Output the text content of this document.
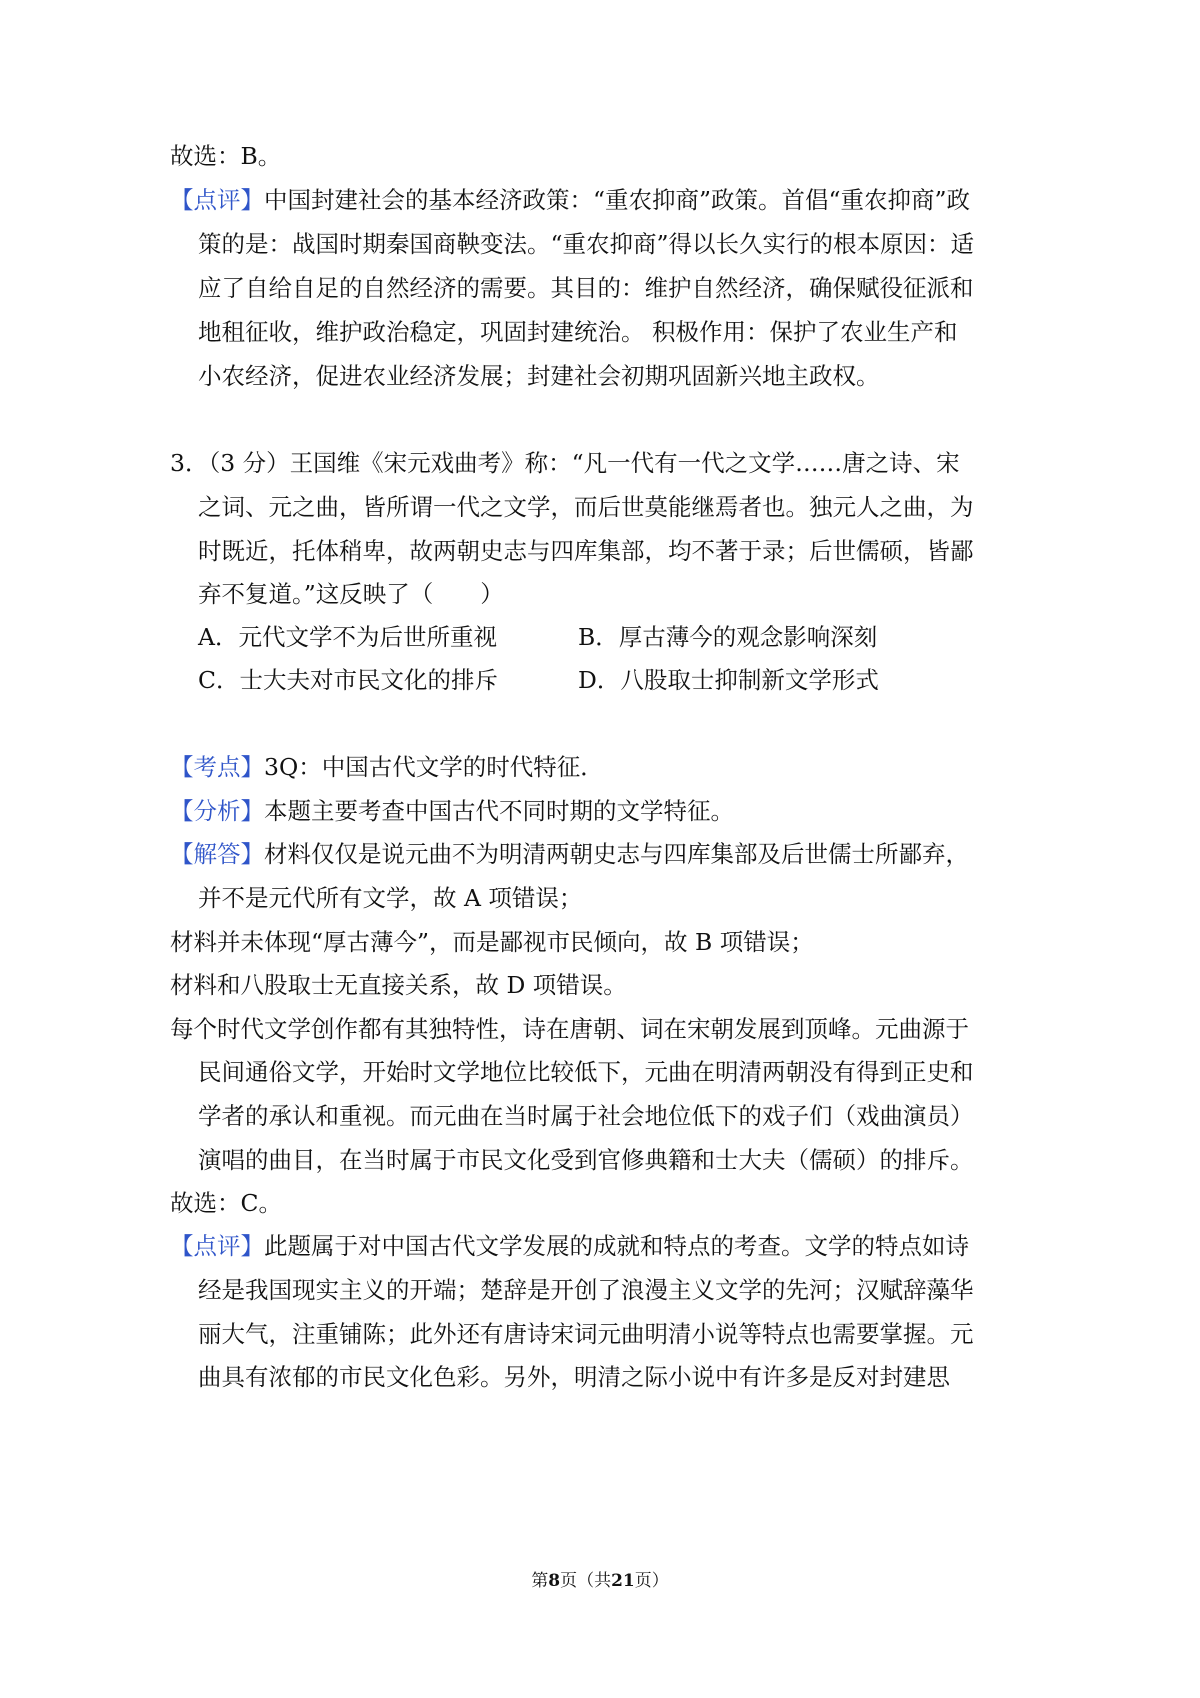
故选：B。
【点评】中国封建社会的基本经济政策：“重农抑商”政策。首倡“重农抑商”政
策的是：战国时期秦国商鞅变法。“重农抑商”得以长久实行的根本原因：适
应了自给自足的自然经济的需要。其目的：维护自然经济，确保赋役征派和
地租征收，维护政治稳定，巩固封建统治。 积极作用：保护了农业生产和
小农经济，促进农业经济发展；封建社会初期巩固新兴地主政权。
3．（3 分）王国维《宋元戏曲考》称：“凡一代有一代之文学……唐之诗、宋
之词、元之曲，皆所谓一代之文学，而后世莫能继焉者也。独元人之曲，为
时既近，托体稍卑，故两朝史志与四库集部，均不著于录；后世儒硕，皆鄙
弃不复道。”这反映了（　　）
A．元代文学不为后世所重视	B．厚古薄今的观念影响深刻
C．士大夫对市民文化的排斥	D．八股取士抑制新文学形式
【考点】3Q：中国古代文学的时代特征．
【分析】本题主要考查中国古代不同时期的文学特征。
【解答】材料仅仅是说元曲不为明清两朝史志与四库集部及后世儒士所鄙弃，
并不是元代所有文学，故 A 项错误；
材料并未体现“厚古薄今”，而是鄙视市民倾向，故 B 项错误；
材料和八股取士无直接关系，故 D 项错误。
每个时代文学创作都有其独特性，诗在唐朝、词在宋朝发展到顶峰。元曲源于
民间通俗文学，开始时文学地位比较低下，元曲在明清两朝没有得到正史和
学者的承认和重视。而元曲在当时属于社会地位低下的戏子们（戏曲演员）
演唱的曲目，在当时属于市民文化受到官修典籍和士大夫（儒硕）的排斥。
故选：C。
【点评】此题属于对中国古代文学发展的成就和特点的考查。文学的特点如诗
经是我国现实主义的开端；楚辞是开创了浪漫主义文学的先河；汉赋辞藻华
丽大气，注重铺陈；此外还有唐诗宋词元曲明清小说等特点也需要掌握。元
曲具有浓郁的市民文化色彩。另外，明清之际小说中有许多是反对封建思
第8页（共21页）
